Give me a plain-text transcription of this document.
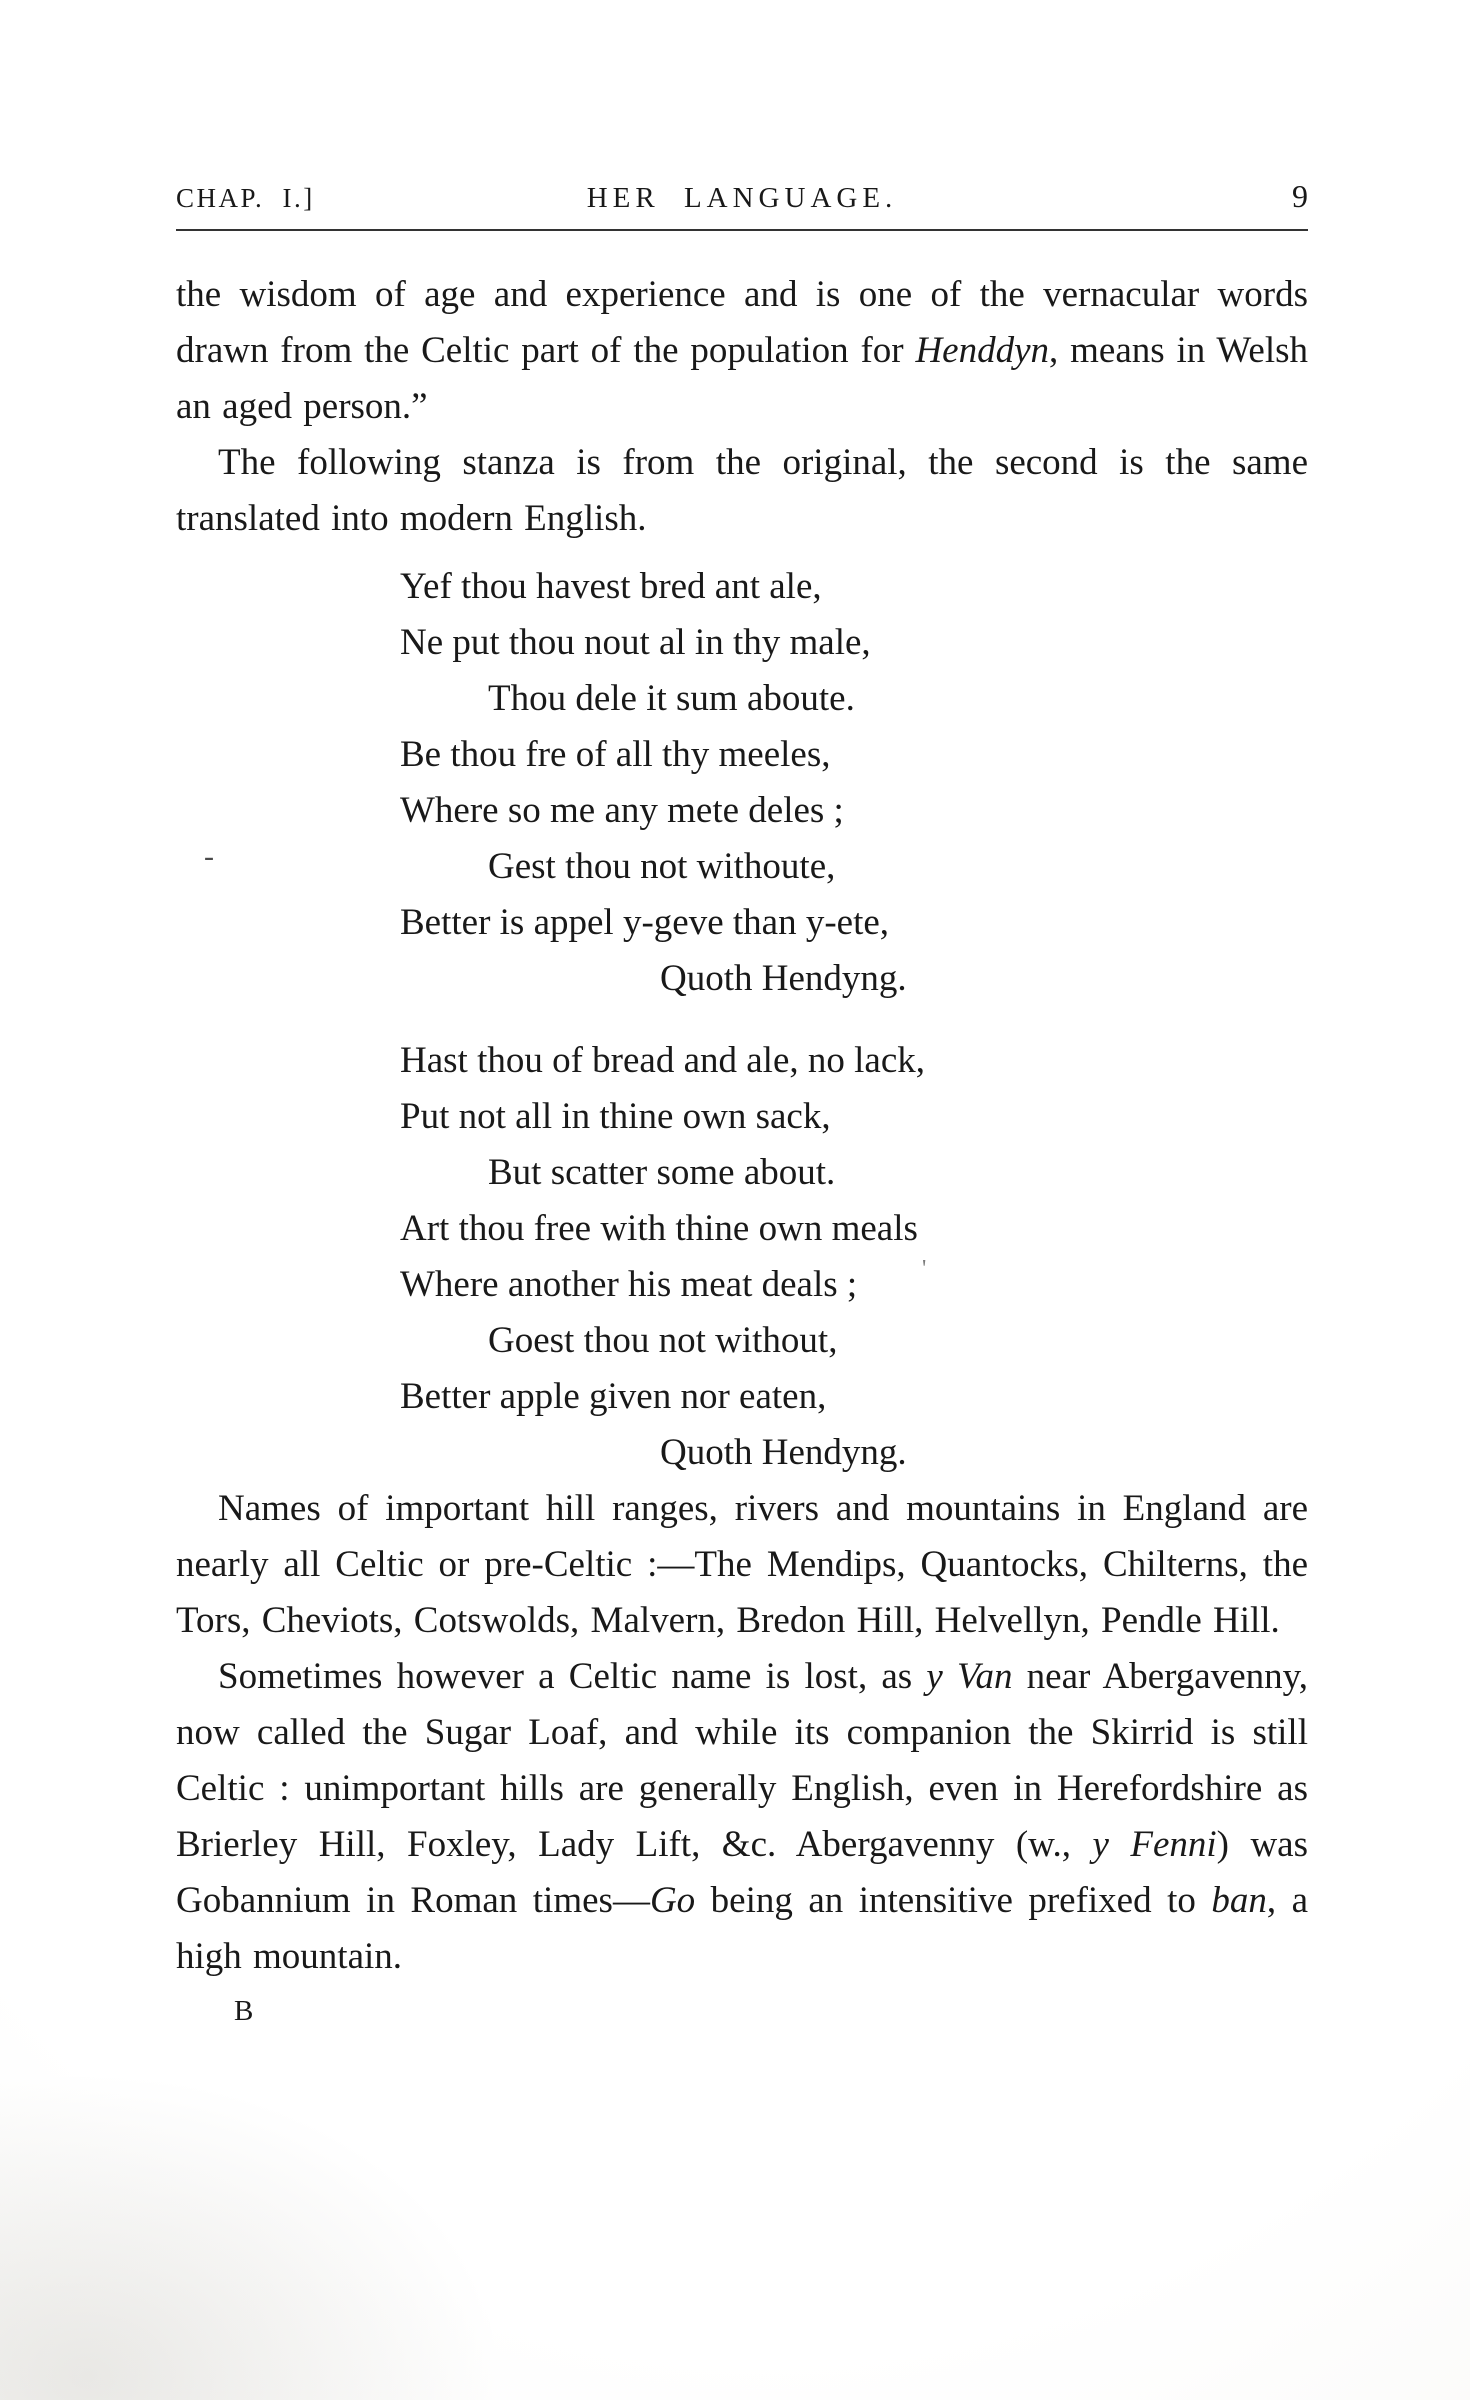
CHAP. I.]	HER LANGUAGE.	9

the wisdom of age and experience and is one of the vernacular words drawn from the Celtic part of the population for Henddyn, means in Welsh an aged person.”

The following stanza is from the original, the second is the same translated into modern English.

Yef thou havest bred ant ale,
Ne put thou nout al in thy male,
Thou dele it sum aboute.
Be thou fre of all thy meeles,
Where so me any mete deles ;
Gest thou not withoute,
Better is appel y-geve than y-ete,
Quoth Hendyng.
Hast thou of bread and ale, no lack,
Put not all in thine own sack,
But scatter some about.
Art thou free with thine own meals
Where another his meat deals ;
Goest thou not without,
Better apple given nor eaten,
Quoth Hendyng.

Names of important hill ranges, rivers and mountains in England are nearly all Celtic or pre-Celtic :—The Mendips, Quantocks, Chilterns, the Tors, Cheviots, Cotswolds, Malvern, Bredon Hill, Helvellyn, Pendle Hill.

Sometimes however a Celtic name is lost, as y Van near Abergavenny, now called the Sugar Loaf, and while its companion the Skirrid is still Celtic : unimportant hills are generally English, even in Herefordshire as Brierley Hill, Foxley, Lady Lift, &c. Abergavenny (w., y Fenni) was Gobannium in Roman times—Go being an intensitive prefixed to ban, a high mountain.

B
-
'
